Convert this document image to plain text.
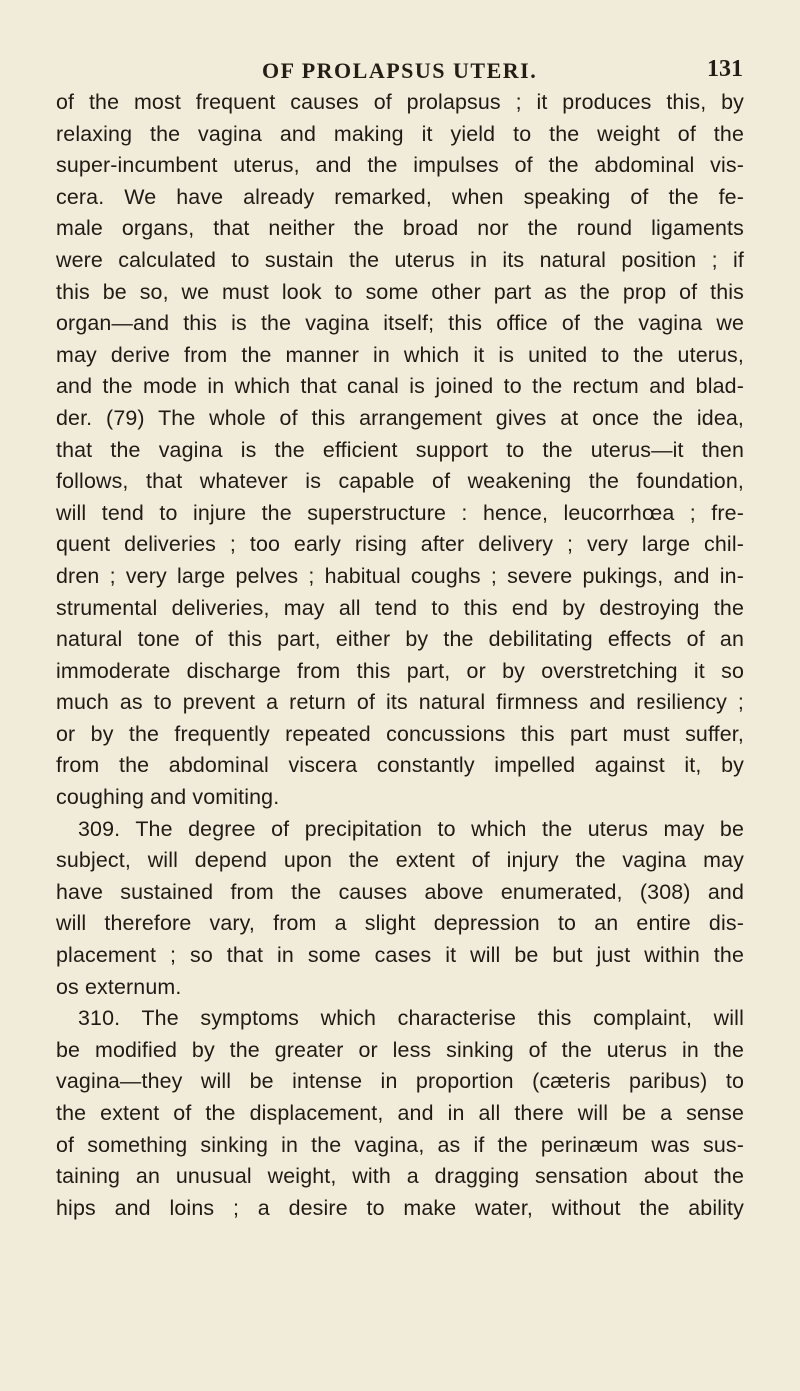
OF PROLAPSUS UTERI.	131
of the most frequent causes of prolapsus ; it produces this, by
relaxing the vagina and making it yield to the weight of the
super-incumbent uterus, and the impulses of the abdominal vis-
cera. We have already remarked, when speaking of the fe-
male organs, that neither the broad nor the round ligaments
were calculated to sustain the uterus in its natural position ; if
this be so, we must look to some other part as the prop of this
organ—and this is the vagina itself; this office of the vagina we
may derive from the manner in which it is united to the uterus,
and the mode in which that canal is joined to the rectum and blad-
der. (79) The whole of this arrangement gives at once the idea,
that the vagina is the efficient support to the uterus—it then
follows, that whatever is capable of weakening the foundation,
will tend to injure the superstructure : hence, leucorrhœa ; fre-
quent deliveries ; too early rising after delivery ; very large chil-
dren ; very large pelves ; habitual coughs ; severe pukings, and in-
strumental deliveries, may all tend to this end by destroying the
natural tone of this part, either by the debilitating effects of an
immoderate discharge from this part, or by overstretching it so
much as to prevent a return of its natural firmness and resiliency ;
or by the frequently repeated concussions this part must suffer,
from the abdominal viscera constantly impelled against it, by
coughing and vomiting.
309. The degree of precipitation to which the uterus may be
subject, will depend upon the extent of injury the vagina may
have sustained from the causes above enumerated, (308) and
will therefore vary, from a slight depression to an entire dis-
placement ; so that in some cases it will be but just within the
os externum.
310. The symptoms which characterise this complaint, will
be modified by the greater or less sinking of the uterus in the
vagina—they will be intense in proportion (cæteris paribus) to
the extent of the displacement, and in all there will be a sense
of something sinking in the vagina, as if the perinæum was sus-
taining an unusual weight, with a dragging sensation about the
hips and loins ; a desire to make water, without the ability
